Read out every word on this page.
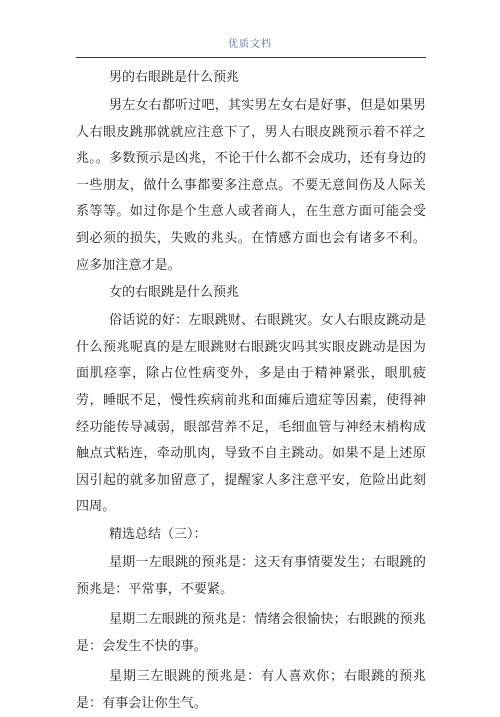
优质文档

男的右眼跳是什么预兆

男左女右都听过吧，其实男左女右是好事，但是如果男人右眼皮跳那就就应注意下了，男人右眼皮跳预示着不祥之兆。。多数预示是凶兆，不论干什么都不会成功，还有身边的一些朋友，做什么事都要多注意点。不要无意间伤及人际关系等等。如过你是个生意人或者商人，在生意方面可能会受到必须的损失，失败的兆头。在情感方面也会有诸多不利。应多加注意才是。

女的右眼跳是什么预兆

俗话说的好：左眼跳财、右眼跳灾。女人右眼皮跳动是什么预兆呢真的是左眼跳财右眼跳灾吗其实眼皮跳动是因为面肌痉挛，除占位性病变外，多是由于精神紧张，眼肌疲劳，睡眠不足，慢性疾病前兆和面瘫后遗症等因素，使得神经功能传导减弱，眼部营养不足，毛细血管与神经末梢构成触点式粘连，牵动肌肉，导致不自主跳动。如果不是上述原因引起的就多加留意了，提醒家人多注意平安，危险出此刻四周。

精选总结（三）：

星期一左眼跳的预兆是：这天有事情要发生；右眼跳的预兆是：平常事，不要紧。

星期二左眼跳的预兆是：情绪会很愉快；右眼跳的预兆是：会发生不快的事。

星期三左眼跳的预兆是：有人喜欢你；右眼跳的预兆是：有事会让你生气。
